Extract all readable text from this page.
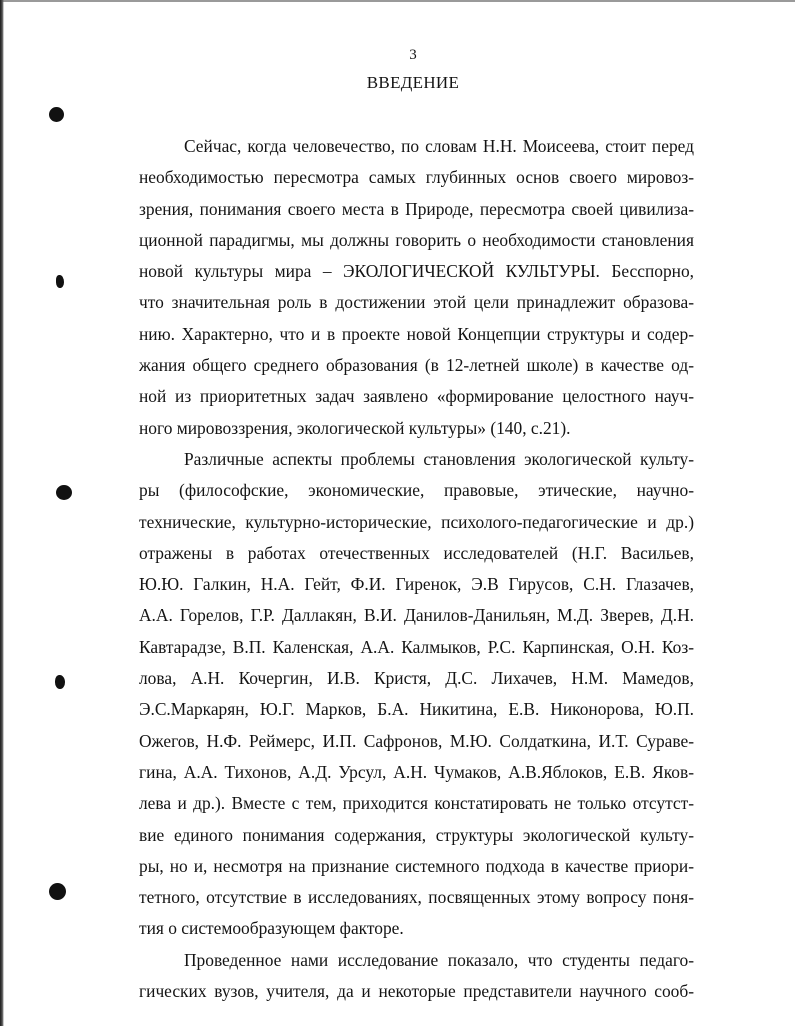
3
ВВЕДЕНИЕ
Сейчас, когда человечество, по словам Н.Н. Моисеева, стоит перед
необходимостью пересмотра самых глубинных основ своего мировоз-
зрения, понимания своего места в Природе, пересмотра своей цивилиза-
ционной парадигмы, мы должны говорить о необходимости становления
новой культуры мира – ЭКОЛОГИЧЕСКОЙ КУЛЬТУРЫ. Бесспорно,
что значительная роль в достижении этой цели принадлежит образова-
нию. Характерно, что и в проекте новой Концепции структуры и содер-
жания общего среднего образования (в 12-летней школе) в качестве од-
ной из приоритетных задач заявлено «формирование целостного науч-
ного мировоззрения, экологической культуры» (140, с.21).
Различные аспекты проблемы становления экологической культу-
ры (философские, экономические, правовые, этические, научно-
технические, культурно-исторические, психолого-педагогические и др.)
отражены в работах отечественных исследователей (Н.Г. Васильев,
Ю.Ю. Галкин, Н.А. Гейт, Ф.И. Гиренок, Э.В Гирусов, С.Н. Глазачев,
А.А. Горелов, Г.Р. Даллакян, В.И. Данилов-Данильян, М.Д. Зверев, Д.Н.
Кавтарадзе, В.П. Каленская, А.А. Калмыков, Р.С. Карпинская, О.Н. Коз-
лова, А.Н. Кочергин, И.В. Кристя, Д.С. Лихачев, Н.М. Мамедов,
Э.С.Маркарян, Ю.Г. Марков, Б.А. Никитина, Е.В. Никонорова, Ю.П.
Ожегов, Н.Ф. Реймерс, И.П. Сафронов, М.Ю. Солдаткина, И.Т. Сураве-
гина, А.А. Тихонов, А.Д. Урсул, А.Н. Чумаков, А.В.Яблоков, Е.В. Яков-
лева и др.). Вместе с тем, приходится констатировать не только отсутст-
вие единого понимания содержания, структуры экологической культу-
ры, но и, несмотря на признание системного подхода в качестве приори-
тетного, отсутствие в исследованиях, посвященных этому вопросу поня-
тия о системообразующем факторе.
Проведенное нами исследование показало, что студенты педаго-
гических вузов, учителя, да и некоторые представители научного сооб-
